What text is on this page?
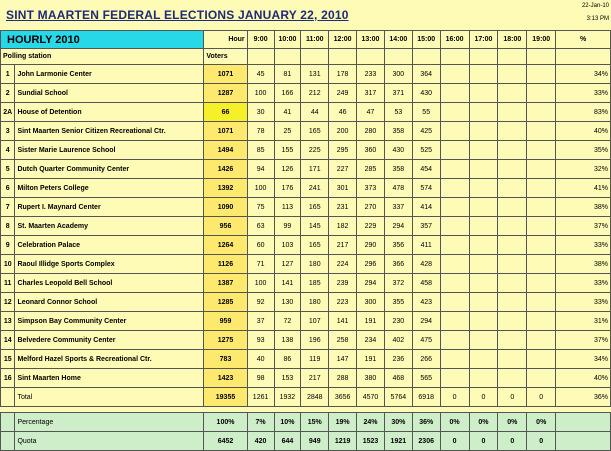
SINT MAARTEN FEDERAL ELECTIONS JANUARY 22, 2010
22-Jan-10
3:13 PM
HOURLY 2010		Hour	9:00	10:00	11:00	12:00	13:00	14:00	15:00	16:00	17:00	18:00	19:00	%
Polling station		Voters												
1	John Larmonie Center	1071	45	81	131	178	233	300	364					34%
2	Sundial School	1287	100	166	212	249	317	371	430					33%
2A	House of Detention	66	30	41	44	46	47	53	55					83%
3	Sint Maarten Senior Citizen Recreational Ctr.	1071	78	25	165	200	280	358	425					40%
4	Sister Marie Laurence School	1494	85	155	225	295	360	430	525					35%
5	Dutch Quarter Community Center	1426	94	126	171	227	285	358	454					32%
6	Milton Peters College	1392	100	176	241	301	373	478	574					41%
7	Rupert I. Maynard Center	1090	75	113	165	231	270	337	414					38%
8	St. Maarten Academy	956	63	99	145	182	229	294	357					37%
9	Celebration Palace	1264	60	103	165	217	290	356	411					33%
10	Raoul Illidge Sports Complex	1126	71	127	180	224	296	366	428					38%
11	Charles Leopold Bell School	1387	100	141	185	239	294	372	458					33%
12	Leonard Connor School	1285	92	130	180	223	300	355	423					33%
13	Simpson Bay Community Center	959	37	72	107	141	191	230	294					31%
14	Belvedere Community Center	1275	93	138	196	258	234	402	475					37%
15	Melford Hazel Sports & Recreational Ctr.	783	40	86	119	147	191	236	266					34%
16	Sint Maarten Home	1423	98	153	217	288	380	468	565					40%
	Total	19355	1261	1932	2848	3656	4570	5764	6918	0	0	0	0	36%

	Percentage	100%	7%	10%	15%	19%	24%	30%	36%	0%	0%	0%	0%	
	Quota	6452	420	644	949	1219	1523	1921	2306	0	0	0	0	
